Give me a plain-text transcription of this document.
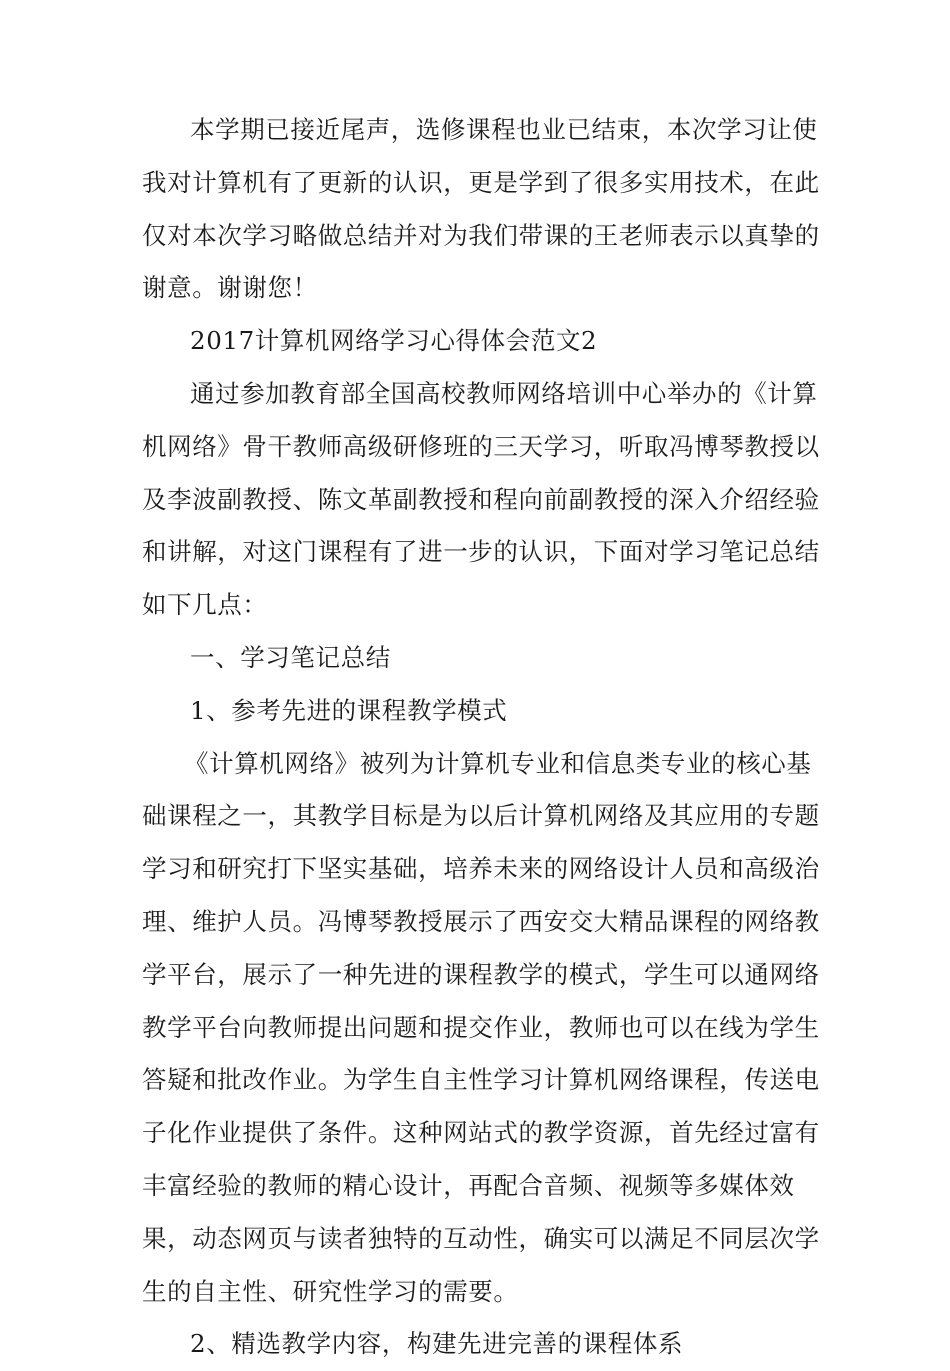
本学期已接近尾声，选修课程也业已结束，本次学习让使
我对计算机有了更新的认识，更是学到了很多实用技术，在此
仅对本次学习略做总结并对为我们带课的王老师表示以真挚的
谢意。谢谢您！
2017计算机网络学习心得体会范文2
通过参加教育部全国高校教师网络培训中心举办的《计算
机网络》骨干教师高级研修班的三天学习，听取冯博琴教授以
及李波副教授、陈文革副教授和程向前副教授的深入介绍经验
和讲解，对这门课程有了进一步的认识，下面对学习笔记总结
如下几点：
一、学习笔记总结
1、参考先进的课程教学模式
《计算机网络》被列为计算机专业和信息类专业的核心基
础课程之一，其教学目标是为以后计算机网络及其应用的专题
学习和研究打下坚实基础，培养未来的网络设计人员和高级治
理、维护人员。冯博琴教授展示了西安交大精品课程的网络教
学平台，展示了一种先进的课程教学的模式，学生可以通网络
教学平台向教师提出问题和提交作业，教师也可以在线为学生
答疑和批改作业。为学生自主性学习计算机网络课程，传送电
子化作业提供了条件。这种网站式的教学资源，首先经过富有
丰富经验的教师的精心设计，再配合音频、视频等多媒体效
果，动态网页与读者独特的互动性，确实可以满足不同层次学
生的自主性、研究性学习的需要。
2、精选教学内容，构建先进完善的课程体系
